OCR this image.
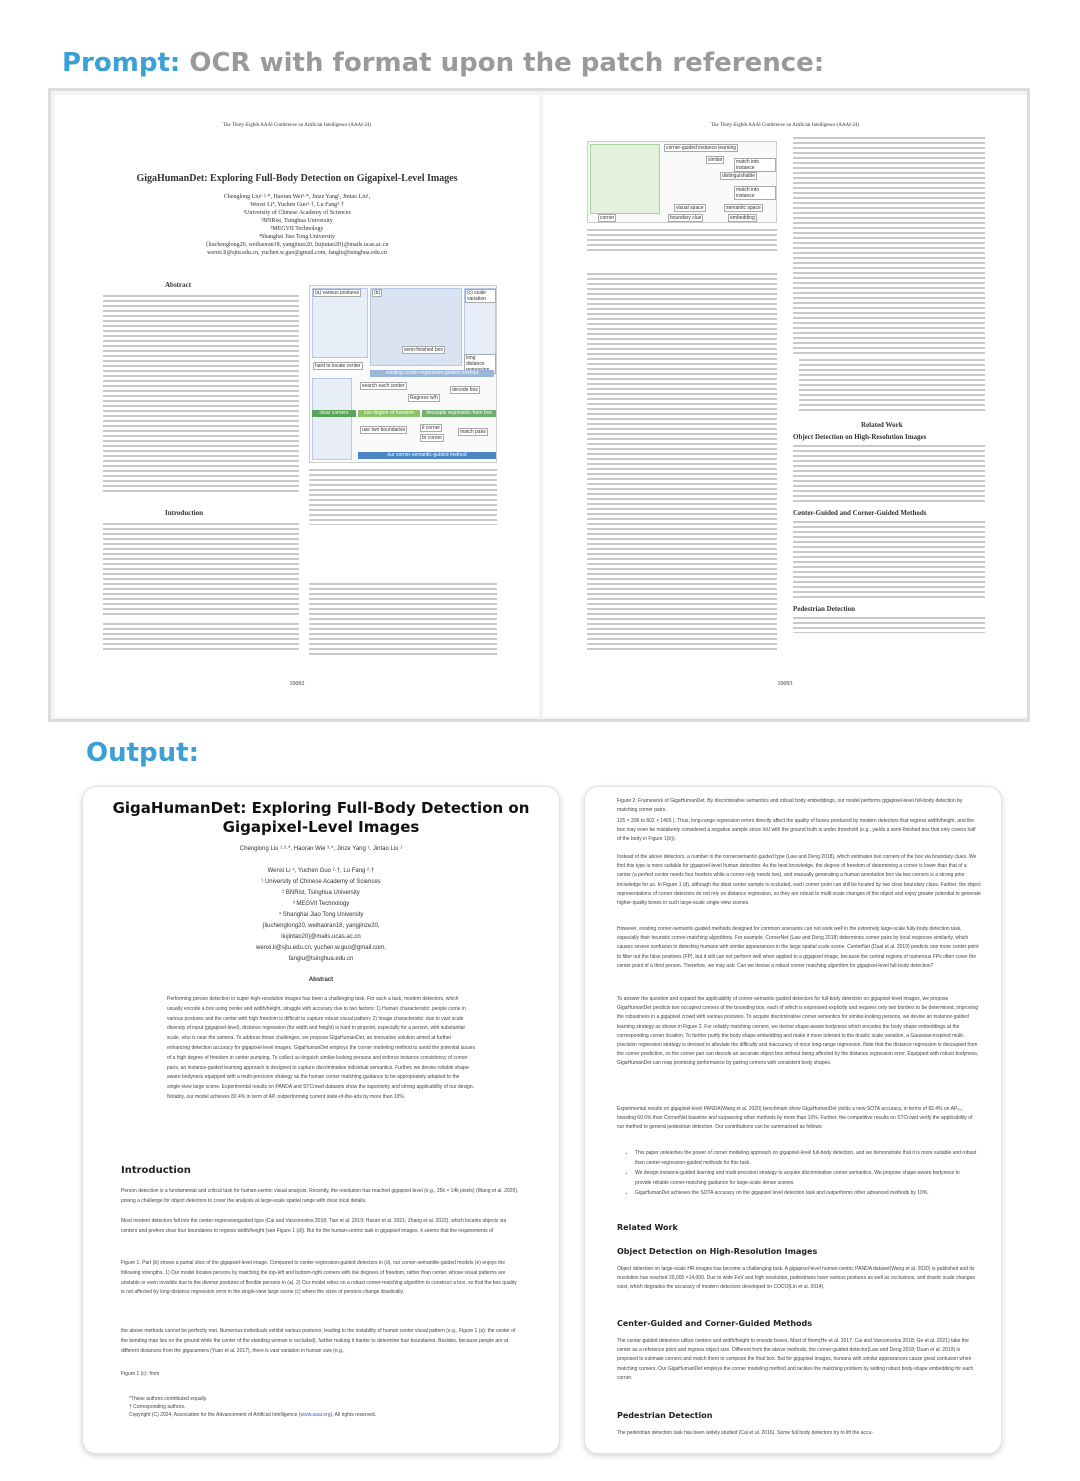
Prompt: OCR with format upon the patch reference:
The Thirty-Eighth AAAI Conference on Artificial Intelligence (AAAI-24)
GigaHumanDet: Exploring Full-Body Detection on Gigapixel-Level Images
Chenglong Liu¹·²·*, Haoran Wei³·*, Jinze Yang¹, Jintao Liu¹,
Wenxi Li⁴, Yuchen Guo²·†, Lu Fang²·†
¹University of Chinese Academy of Sciences
²BNRist, Tsinghua University
³MEGVII Technology
⁴Shanghai Jiao Tong University
{liuchenglong20, weihaoran18, yangjinze20, liujintao20}@mails.ucas.ac.cn
wenxi.li@sjtu.edu.cn, yuchen.w.guo@gmail.com, fanglu@tsinghua.edu.cn
Abstract
Introduction
(a) various postures	(b)	(c) scale variation
semi-finished box
hard to locate center
long distance
existing center-regression-guided method
search each center
decode box
Regress w/h
clear corners	low degree of freedom	decouple regression from box quality
use two boundaries	tl corner
br corner
match pairs
our corner-semantic-guided method
10092
The Thirty-Eighth AAAI Conference on Artificial Intelligence (AAAI-24)
corner-guided instance learning
similar	match into instance
distinguishable
match into instance
visual space	semantic space
corner	boundary clue	embedding
Related Work
Object Detection on High-Resolution Images
Center-Guided and Corner-Guided Methods
Pedestrian Detection
10093
Output:
GigaHumanDet: Exploring Full-Body Detection on Gigapixel-Level Images
Chenglong Liu ¹·²·*, Haoran Wei ³·*, Jinze Yang ¹, Jintao Liu ¹
Wenxi Li ⁴, Yuchen Guo ²·†, Lu Fang ²·†
¹ University of Chinese Academy of Sciences
² BNRist, Tsinghua University
³ MEGVII Technology
⁴ Shanghai Jiao Tong University
{liuchenglong20, weihaoran18, yangjinze20,
liujintao20}@mails.ucas.ac.cn
wenxi.li@sjtu.edu.cn, yuchen.w.guo@gmail.com,
fanglu@tsinghua.edu.cn
Abstract
Performing person detection in super-high-resolution images has been a challenging task. For such a task, modern detectors, which usually encode a box using center and width/height, struggle with accuracy due to two factors: 1) Human characteristic: people come in various postures and the center with high freedom is difficult to capture robust visual pattern; 2) Image characteristic: due to vast scale diversity of input (gigapixel-level), distance regression (for width and height) is hard to pinpoint, especially for a person, with substantial scale, who is near the camera. To address these challenges, we propose GigaHumanDet, an innovative solution aimed at further enhancing detection accuracy for gigapixel-level images. GigaHumanDet employs the corner modeling method to avoid the potential issues of a high degree of freedom in center pumping. To collect us-tinguish similar-looking persons and enforce instance consistency of corner pairs, an instance-guided learning approach is designed to capture discriminative individual semantics. Further, we devise reliable shape-aware bodyness equipped with a multi-precision strategy as the human corner matching guidance to be appropriately adapted to the single-view large scene. Experimental results on PANDA and STCrowd datasets show the superiority and strong applicability of our design. Notably, our model achieves 82.4% in term of AP, outperforming current state-of-the-arts by more than 10%.
Introduction
Person detection is a fundamental and critical task for human-centric visual analysis. Recently, the resolution has reached gigapixel level (e.g., 25k × 14k pixels) (Wang et al. 2020), posing a challenge for object detectors to cover the analysis at large-scale spatial range with clear local details.
Most modern detectors fall into the center-regressionguided type (Cai and Vasconcelos 2018; Tian et al. 2019; Hasan et al. 2021; Zhang et al. 2022), which locates objects via centers and prefers clear four boundaries to regress width/height (see Figure 1 (d)). But for the human-centric task in gigapixel images, it seems that the requirements of
Figure 1: Part (b) shows a partial slice of the gigapixel-level image. Compared to center-regression-guided detectors in (d), our corner-semantite-guided models (e) enjoys the following strengths. 1) Our model locates persons by matching the top-left and bottom-right corners with low degrees of freedom, rather than center, whose visual patterns are unstable or even invisible due to the diverse postures of flexible persons in (a). 2) Our model relies on a robust corner-matching algorithm to construct a box, so that the box quality is not affected by long-distance regression error in the single-view large scene (c) where the sizes of persons change drastically.
the above methods cannot be perfectly met. Numerous individuals exhibit various postures, leading to the instability of human center visual pattern (e.g., Figure 1 (a): the center of the bending man lies on the ground while the center of the standing woman is occluded), further making it harder to determine four boundaries. Besides, because people are at different distances from the gigacamera (Yuan et al. 2017), there is vast variation in human size (e.g.,
Figure 1 (c): from
*These authors contributed equally.
† Corresponding authors.
Copyright (C) 2024, Association for the Advancement of Artificial Intelligence (www.aaai.org). All rights reserved.
Figure 2: Framework of GigaHumanDet. By discriminative semantics and robust body embeddings, our model performs gigapixel-level full-body detection by matching corner pairs.
125 × 336 to 602 × 1465 ). Thus, long-range regression errors directly affect the quality of boxes produced by modern detectors that regress width/height, and the box may even be mistakenly considered a negative sample since IoU with the ground truth is under threshold (e.g., yields a semi-finished box that only covers half of the body in Figure 1(b)).
Instead of the above detectors, a number is the cornersemantic-guided type (Law and Deng 2018), which estimates two corners of the box via boundary clues. We find this type is more suitable for gigapixel-level human detection: As the best knowledge, the degree of freedom of determining a corner is lower than that of a center (a perfect center needs four borders while a corner-only needs two), and manually generating a human annotation box via two corners is a strong prior knowledge for us. In Figure 1 (d), although the ideal center sample is occluded, each corner point can still be located by two clear boundary clues. Further, the object representations of corner detectors do not rely on distance regression, so they are robust to multi-scale changes of the object and enjoy greater potential to generate higher-quality boxes in such large-scale single-view scenes.
However, existing corner-semantic-guided methods designed for common scenarios can not work well in the extremely large-scale fully-body detection task, especially their heuristic corner-matching algorithms. For example, CornerNet (Law and Deng 2018) determines corner pairs by local response similarity, which causes severe confusion in detecting humans with similar appearances in the large spatial scale scene. CenterNet (Dual et al. 2019) predicts one more center point to filter out the false positives (FP), but it still can not perform well when applied to a gigapixel image, because the central regions of numerous FPs often cover the center point of a third person. Therefore, we may ask: Can we devise a robust corner matching algorithm for gigapixel-level full-body detection?
To answer the question and expand the applicability of corner-semantic-guided detectors for full-body detection on gigapixel-level images, we propose GigaHumanDet predicts two occupied corners of the bounding box, each of which is expressed explicitly and requires only two borders to be determined, improving the robustness in a gigapixel crowd with various postures. To acquire discriminative corner semantics for similar-looking persons, we devise an instance-guided learning strategy as shown in Figure 2. For reliably matching corners, we devise shape-aware bodyness which encodes the body shape embeddings at the corresponding corner location. To further purify the body shape embedding and make it more tolerant to the drastic scale variation, a Gaussian-inspired multi-precision regression strategy is devised to alleviate the difficulty and inaccuracy of once long-range regression. Note that the distance regression is decoupled from the corner prediction, so the corner pair can decode an accurate object box without being affected by the distance regression error. Equipped with robust bodyness, GigaHumanDet can reap promising performance by pairing corners with consistent body shapes.
Experimental results on gigapixel-level PANDA(Wang et al. 2020) benchmark show GigaHumanDet yields a new SOTA accuracy, in terms of 82.4% on AP₅₀, boosting 60.6% than CornerNet baseline and surpassing other methods by more than 10%. Further, the competitive results on STCrowd verify the applicability of our method to general pedestrian detection. Our contributions can be summarized as follows:
• This paper unleashes the power of corner modeling approach on gigapixel-level full-body detection, and we demonstrate that it is more suitable and robust than center-regression-guided methods for this task.
• We design instance-guided learning and multi-precision strategy to acquire discriminative corner semantics. We propose shape-aware bodyness to provide reliable corner-matching guidance for large-scale dense scenes.
• GigaHumanDet achieves the SOTA accuracy on the gigapixel level detection task and outperforms other advanced methods by 10%.
Related Work
Object Detection on High-Resolution Images
Object detection on large-scale HR images has become a challenging task. A gigapixel-level human-centric PANDA dataset(Wang et al. 2020) is published and its resolution has reached 25,000 ×14,000. Due to wide FoV and high resolution, pedestrians have various postures as well as occlusions, and drastic scale changes exist, which degrades the accuracy of modern detectors developed on COCO(Lin et al. 2014).
Center-Guided and Corner-Guided Methods
The center-guided detectors utilize centers and width/height to encode boxes. Most of them(He et al. 2017; Cai and Vasconcelos 2018; Ge et al. 2021) take the center as a reference point and regress object size. Different from the above methods, the corner-guided detector(Law and Deng 2018; Duan et al. 2019) is proposed to estimate corners and match them to compose the final box. But for gigapixel images, humans with similar appearances cause great confusion when matching corners. Our GigaHumanDet employs the corner modeling method and tackles the matching problem by setting robust body-shape embedding for each corner.
Pedestrian Detection
The pedestrian detection task has been widely studied (Cai et al. 2016). Some full body detectors try to lift the accu-
